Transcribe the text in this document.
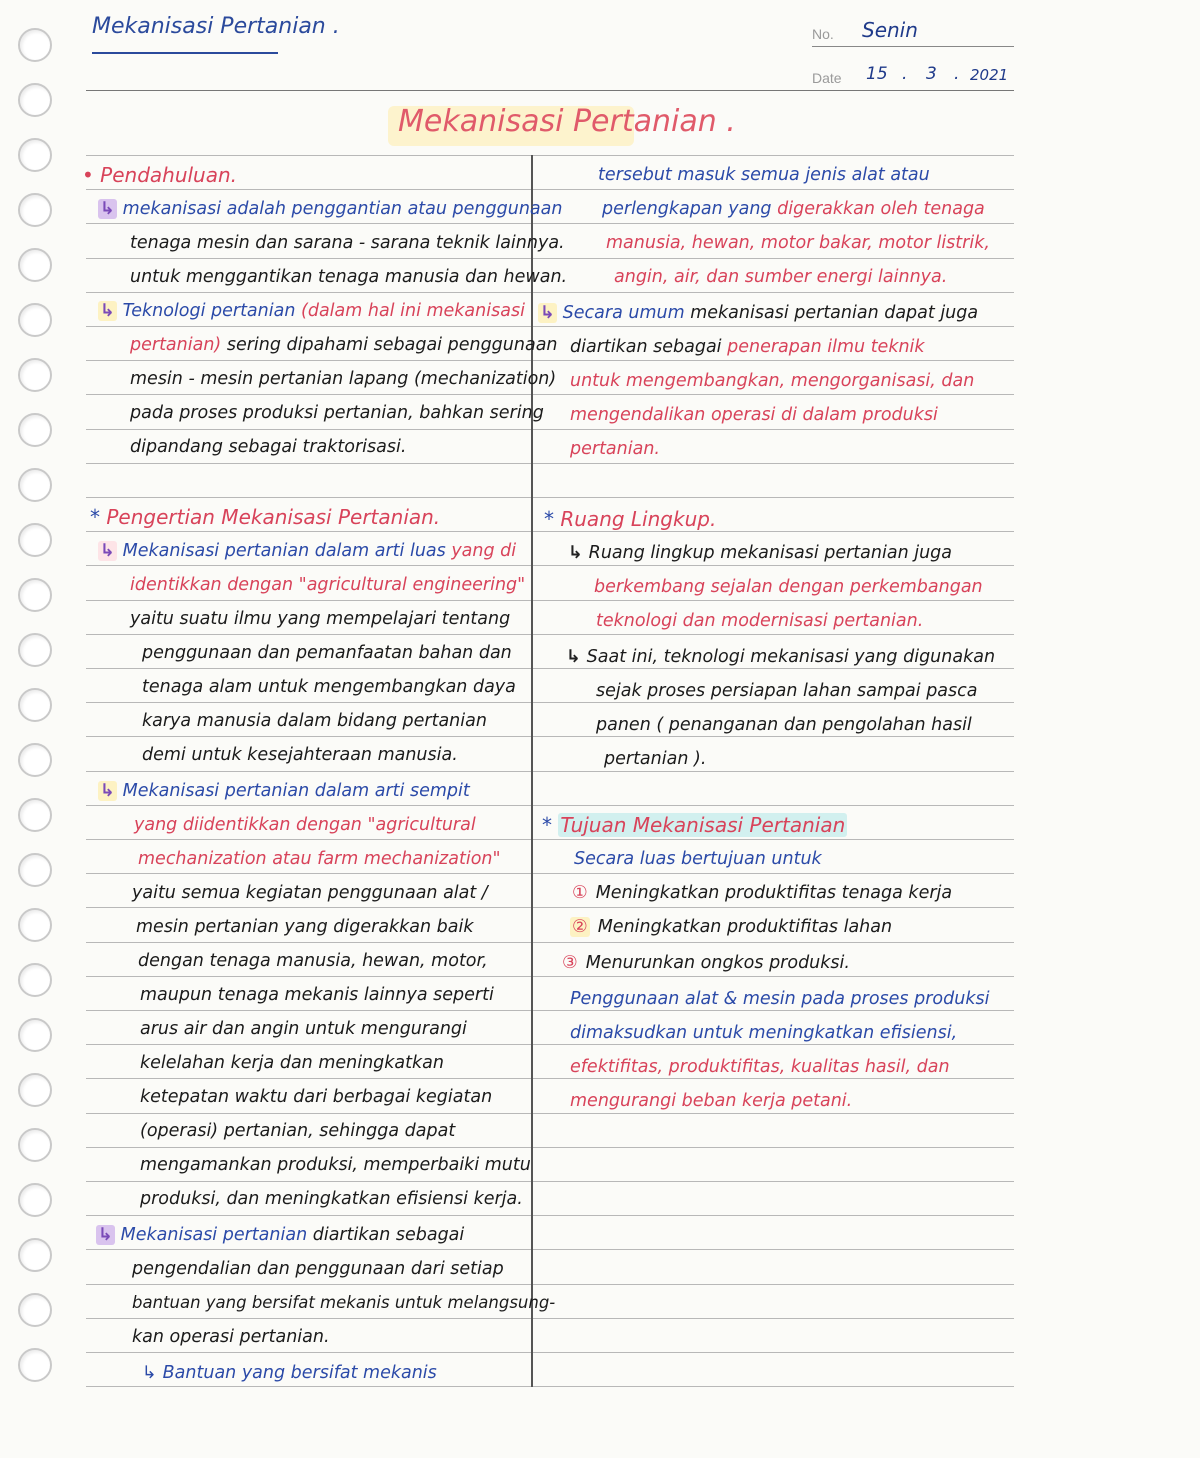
Mekanisasi Pertanian .	No. Senin
Date 15 . 3 . 2021
Mekanisasi Pertanian .
• Pendahuluan.
↳ mekanisasi adalah penggantian atau penggunaan
tenaga mesin dan sarana - sarana teknik lainnya.
untuk menggantikan tenaga manusia dan hewan.
↳ Teknologi pertanian (dalam hal ini mekanisasi
pertanian) sering dipahami sebagai penggunaan
mesin - mesin pertanian lapang (mechanization)
pada proses produksi pertanian, bahkan sering
dipandang sebagai traktorisasi.
* Pengertian Mekanisasi Pertanian.
↳ Mekanisasi pertanian dalam arti luas yang di
identikkan dengan "agricultural engineering"
yaitu suatu ilmu yang mempelajari tentang
penggunaan dan pemanfaatan bahan dan
tenaga alam untuk mengembangkan daya
karya manusia dalam bidang pertanian
demi untuk kesejahteraan manusia.
↳ Mekanisasi pertanian dalam arti sempit
yang diidentikkan dengan "agricultural
mechanization atau farm mechanization"
yaitu semua kegiatan penggunaan alat /
mesin pertanian yang digerakkan baik
dengan tenaga manusia, hewan, motor,
maupun tenaga mekanis lainnya seperti
arus air dan angin untuk mengurangi
kelelahan kerja dan meningkatkan
ketepatan waktu dari berbagai kegiatan
(operasi) pertanian, sehingga dapat
mengamankan produksi, memperbaiki mutu
produksi, dan meningkatkan efisiensi kerja.
↳ Mekanisasi pertanian diartikan sebagai
pengendalian dan penggunaan dari setiap
bantuan yang bersifat mekanis untuk melangsung-
kan operasi pertanian.
↳ Bantuan yang bersifat mekanis
tersebut masuk semua jenis alat atau
perlengkapan yang digerakkan oleh tenaga
manusia, hewan, motor bakar, motor listrik,
angin, air, dan sumber energi lainnya.
↳ Secara umum mekanisasi pertanian dapat juga
diartikan sebagai penerapan ilmu teknik
untuk mengembangkan, mengorganisasi, dan
mengendalikan operasi di dalam produksi
pertanian.
* Ruang Lingkup.
↳ Ruang lingkup mekanisasi pertanian juga
berkembang sejalan dengan perkembangan
teknologi dan modernisasi pertanian.
↳ Saat ini, teknologi mekanisasi yang digunakan
sejak proses persiapan lahan sampai pasca
panen ( penanganan dan pengolahan hasil
pertanian ).
* Tujuan Mekanisasi Pertanian
Secara luas bertujuan untuk
① Meningkatkan produktifitas tenaga kerja
② Meningkatkan produktifitas lahan
③ Menurunkan ongkos produksi.
Penggunaan alat & mesin pada proses produksi
dimaksudkan untuk meningkatkan efisiensi,
efektifitas, produktifitas, kualitas hasil, dan
mengurangi beban kerja petani.
